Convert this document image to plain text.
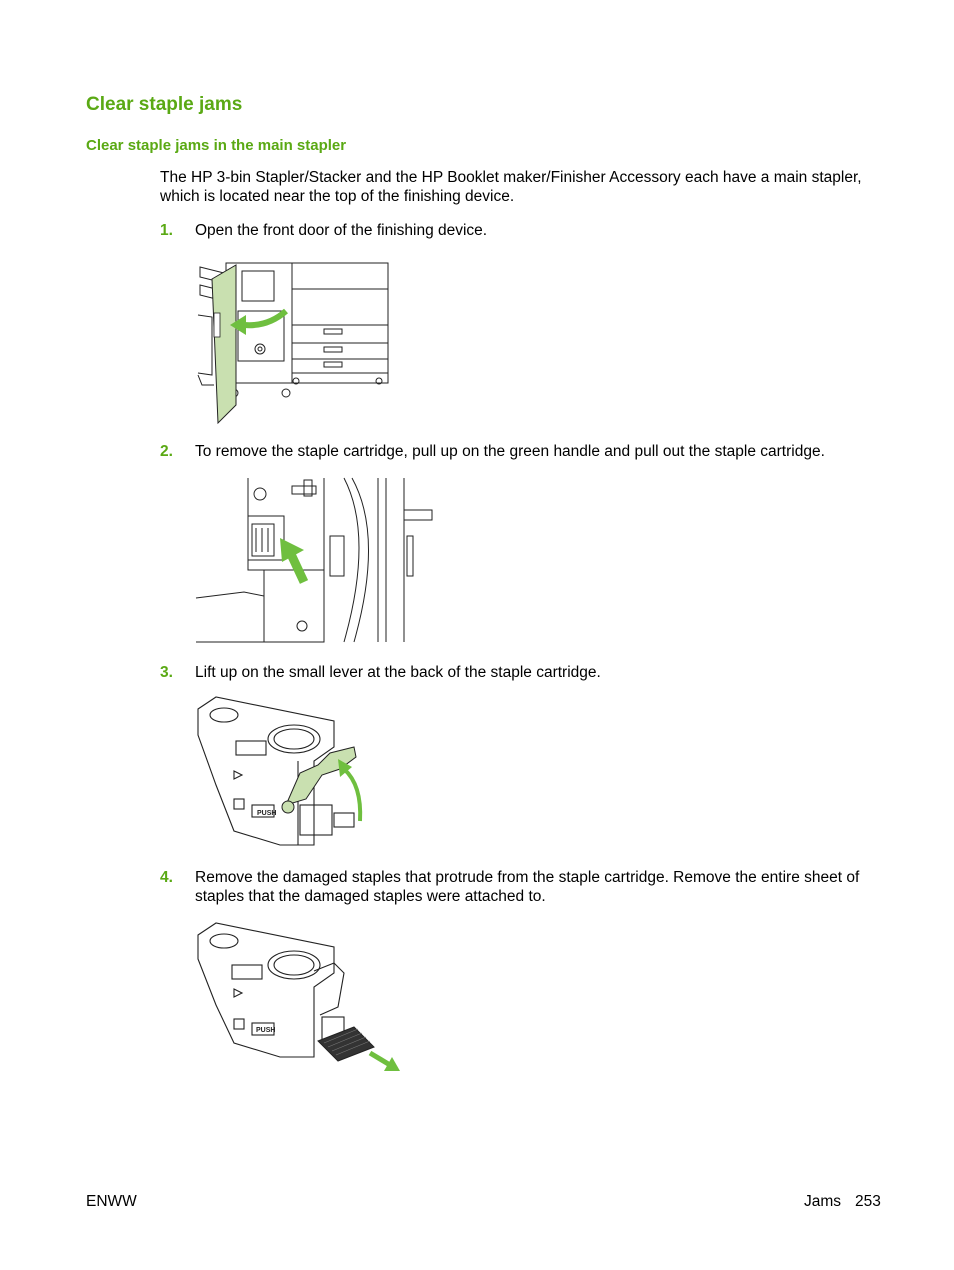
Clear staple jams
Clear staple jams in the main stapler

The HP 3-bin Stapler/Stacker and the HP Booklet maker/Finisher Accessory each have a main stapler, which is located near the top of the finishing device.

1. Open the front door of the finishing device.
2. To remove the staple cartridge, pull up on the green handle and pull out the staple cartridge.
3. Lift up on the small lever at the back of the staple cartridge.
PUSH
4. Remove the damaged staples that protrude from the staple cartridge. Remove the entire sheet of staples that the damaged staples were attached to.
PUSH
ENWW	Jams 253
